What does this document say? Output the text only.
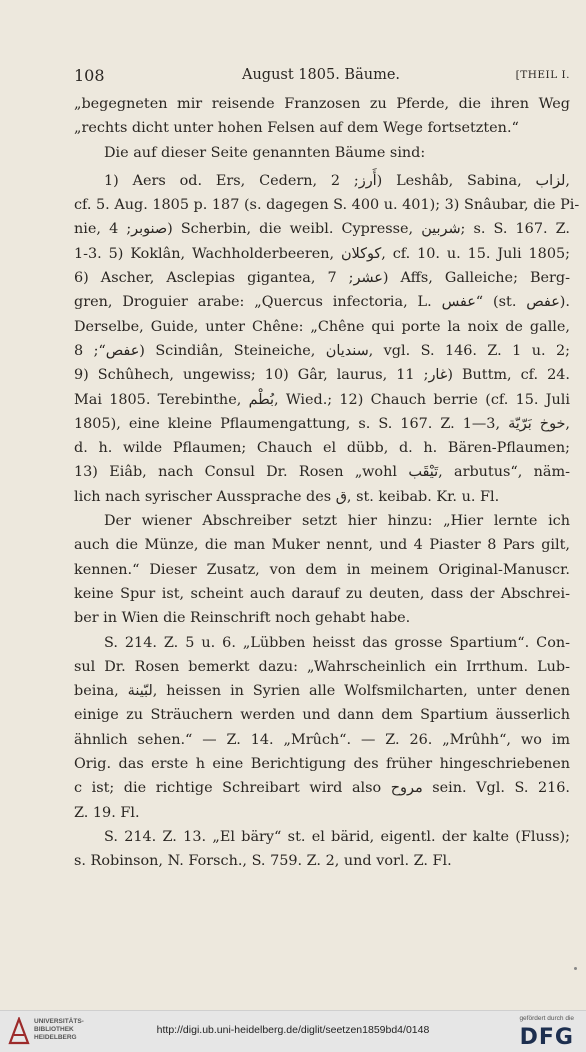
108	August 1805. Bäume.	[THEIL I.
„begegneten mir reisende Franzosen zu Pferde, die ihren Weg
„rechts dicht unter hohen Felsen auf dem Wege fortsetzten.“
Die auf dieser Seite genannten Bäume sind:
1) Aers od. Ers, Cedern, أَرز; 2) Leshâb, Sabina, لزاب,
cf. 5. Aug. 1805 p. 187 (s. dagegen S. 400 u. 401); 3) Snâubar, die Pi-
nie, صنوبر; 4) Scherbin, die weibl. Cypresse, شربين; s. S. 167. Z.
1-3. 5) Koklân, Wachholderbeeren, كوكلان, cf. 10. u. 15. Juli 1805;
6) Ascher, Asclepias gigantea, عشر; 7) Affs, Galleiche; Berg-
gren, Droguier arabe: „Quercus infectoria, L. عفس“ (st. عفص).
Derselbe, Guide, unter Chêne: „Chêne qui porte la noix de galle,
عفص“; 8) Scindiân, Steineiche, سنديان, vgl. S. 146. Z. 1 u. 2;
9) Schûhech, ungewiss; 10) Gâr, laurus, غار; 11) Buttm, cf. 24.
Mai 1805. Terebinthe, بُطْم, Wied.; 12) Chauch berrie (cf. 15. Juli
1805), eine kleine Pflaumengattung, s. S. 167. Z. 1—3, خوخ بَرّيّة,
d. h. wilde Pflaumen; Chauch el dübb, d. h. Bären-Pflaumen;
13) Eiâb, nach Consul Dr. Rosen „wohl تَيْقَب, arbutus“, näm-
lich nach syrischer Aussprache des ق, st. keibab. Kr. u. Fl.
Der wiener Abschreiber setzt hier hinzu: „Hier lernte ich
auch die Münze, die man Muker nennt, und 4 Piaster 8 Pars gilt,
kennen.“ Dieser Zusatz, von dem in meinem Original-Manuscr.
keine Spur ist, scheint auch darauf zu deuten, dass der Abschrei-
ber in Wien die Reinschrift noch gehabt habe.
S. 214. Z. 5 u. 6. „Lübben heisst das grosse Spartium“. Con-
sul Dr. Rosen bemerkt dazu: „Wahrscheinlich ein Irrthum. Lub-
beina, لبّينة, heissen in Syrien alle Wolfsmilcharten, unter denen
einige zu Sträuchern werden und dann dem Spartium äusserlich
ähnlich sehen.“ — Z. 14. „Mrûch“. — Z. 26. „Mrûhh“, wo im
Orig. das erste h eine Berichtigung des früher hingeschriebenen
c ist; die richtige Schreibart wird also مروح sein. Vgl. S. 216.
Z. 19. Fl.
S. 214. Z. 13. „El bäry“ st. el bärid, eigentl. der kalte (Fluss);
s. Robinson, N. Forsch., S. 759. Z. 2, und vorl. Z. Fl.
UNIVERSITÄTS-
BIBLIOTHEK
HEIDELBERG
http://digi.ub.uni-heidelberg.de/diglit/seetzen1859bd4/0148
gefördert durch die
DFG
